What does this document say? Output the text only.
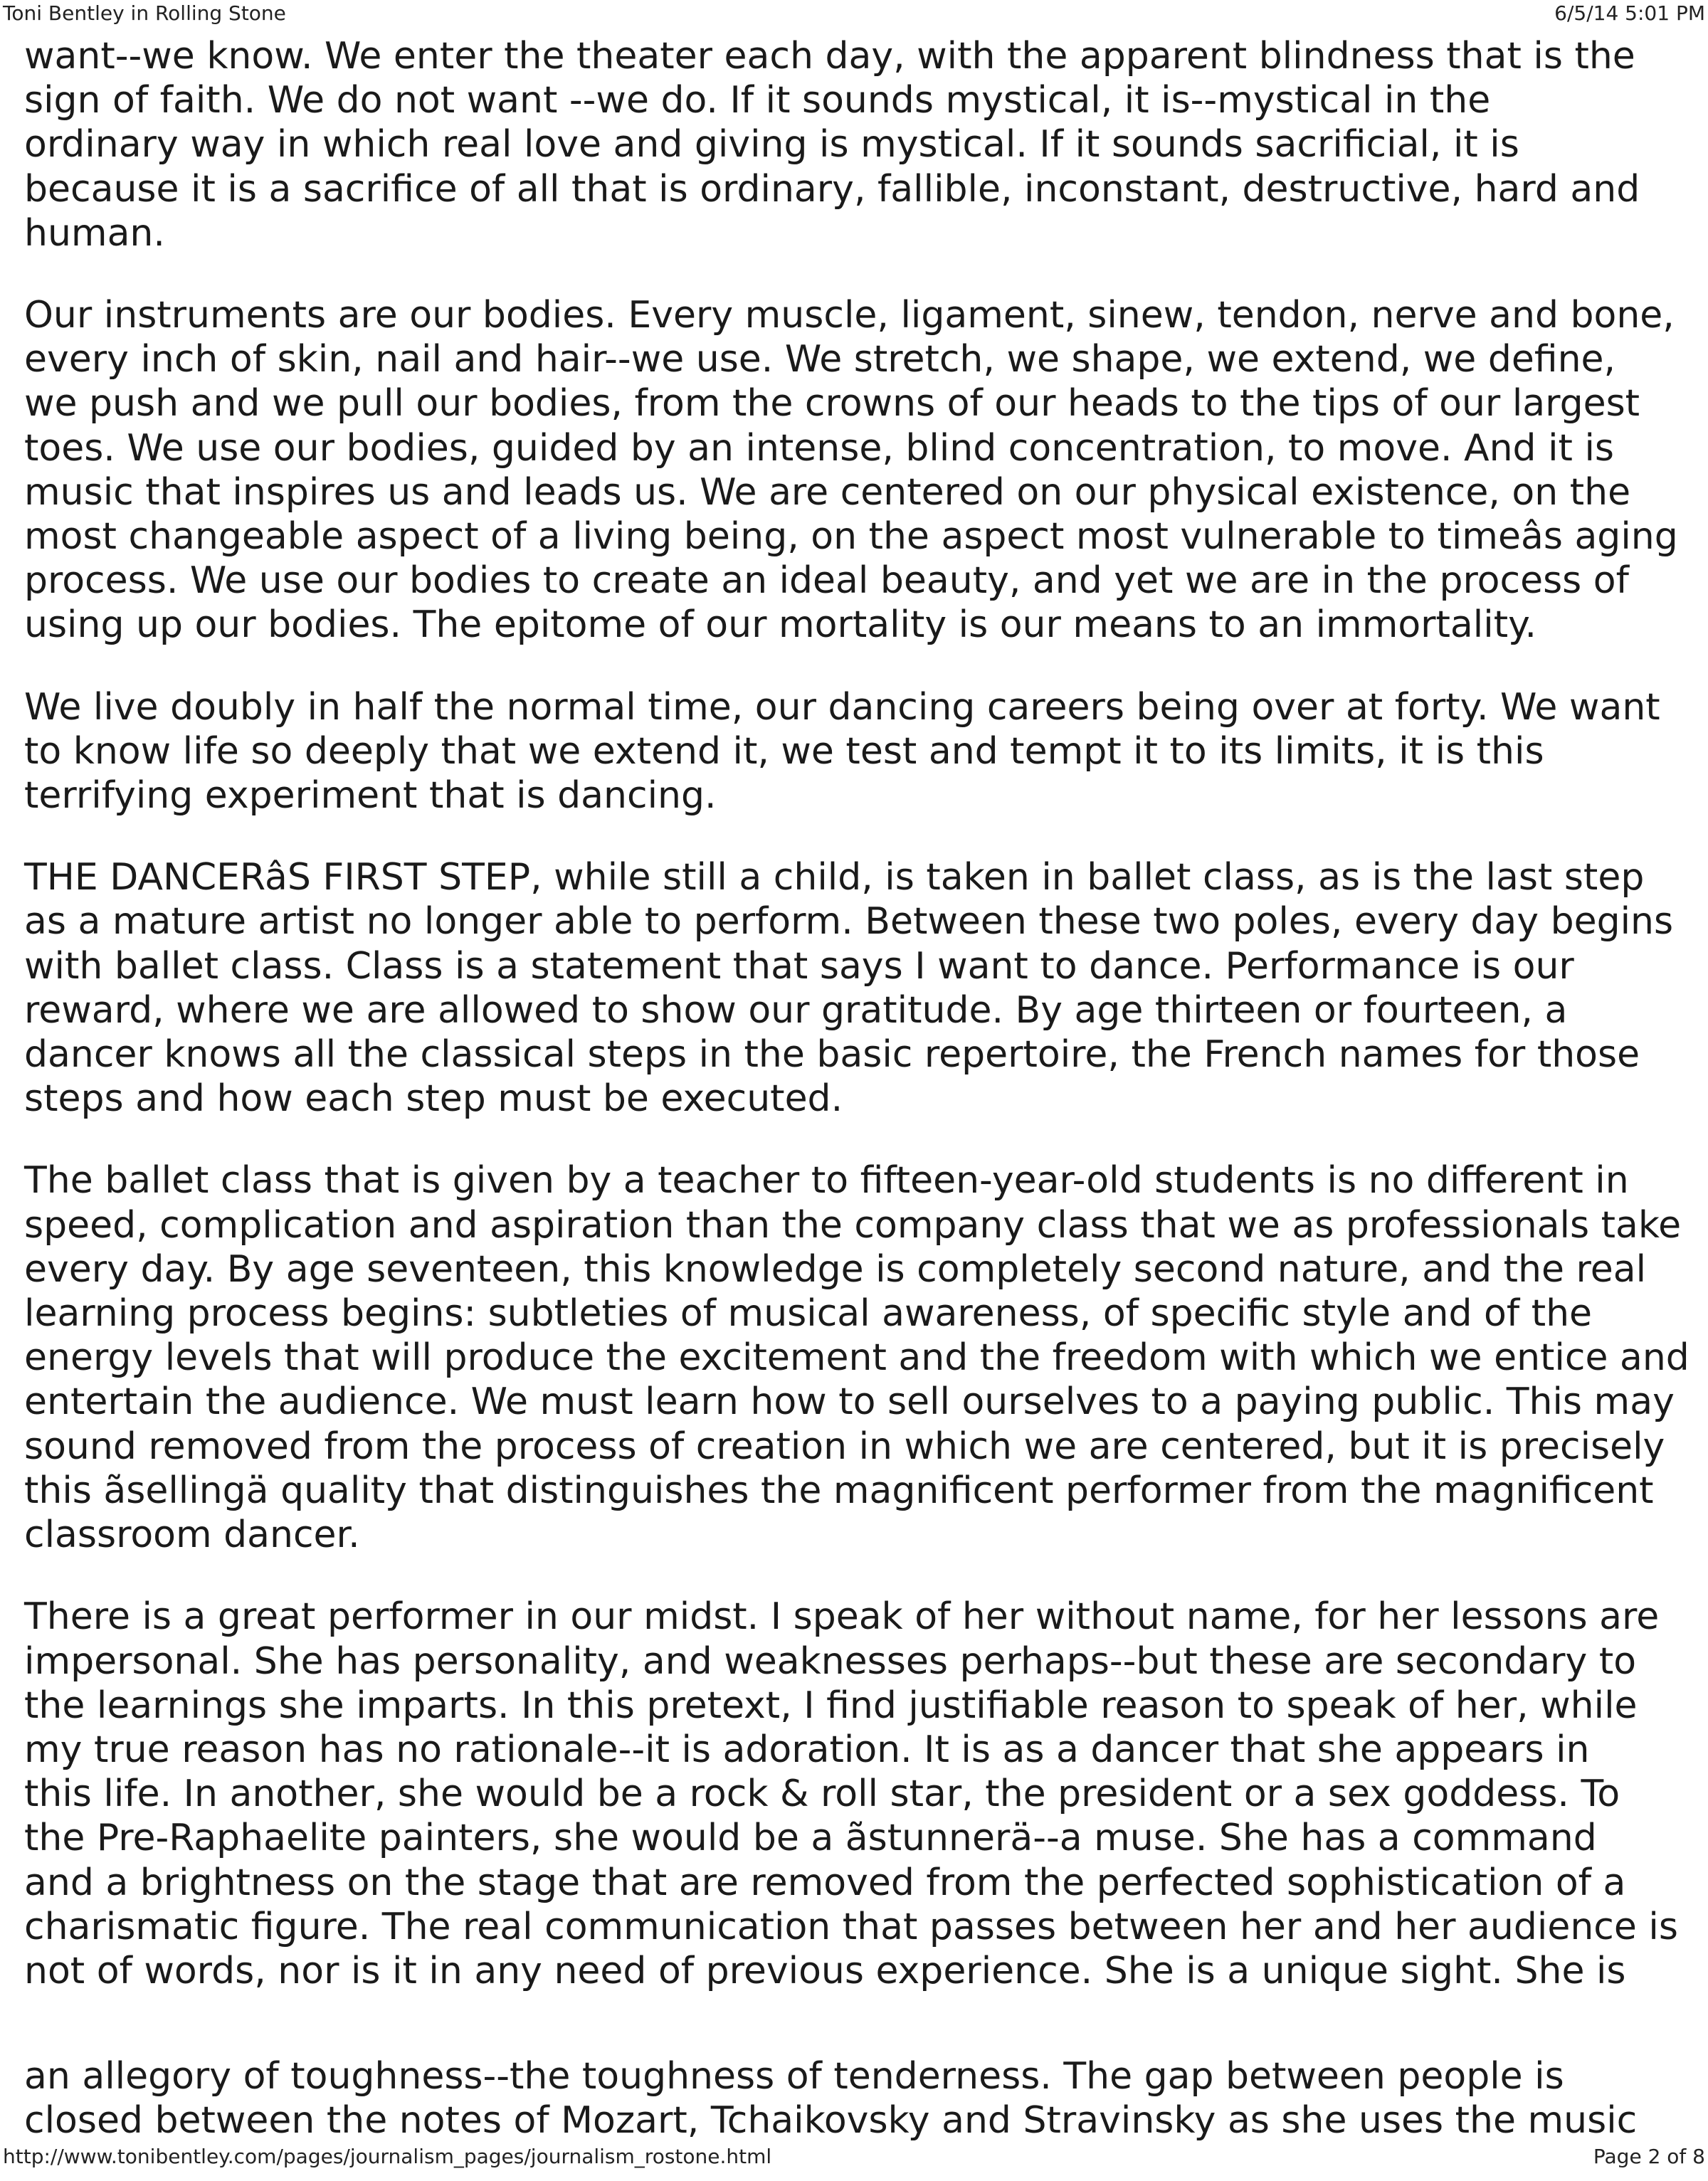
Toni Bentley in Rolling Stone	6/5/14 5:01 PM

want--we know. We enter the theater each day, with the apparent blindness that is the
sign of faith. We do not want --we do. If it sounds mystical, it is--mystical in the
ordinary way in which real love and giving is mystical. If it sounds sacrificial, it is
because it is a sacrifice of all that is ordinary, fallible, inconstant, destructive, hard and
human.

Our instruments are our bodies. Every muscle, ligament, sinew, tendon, nerve and bone,
every inch of skin, nail and hair--we use. We stretch, we shape, we extend, we define,
we push and we pull our bodies, from the crowns of our heads to the tips of our largest
toes. We use our bodies, guided by an intense, blind concentration, to move. And it is
music that inspires us and leads us. We are centered on our physical existence, on the
most changeable aspect of a living being, on the aspect most vulnerable to timeâs aging
process. We use our bodies to create an ideal beauty, and yet we are in the process of
using up our bodies. The epitome of our mortality is our means to an immortality.

We live doubly in half the normal time, our dancing careers being over at forty. We want
to know life so deeply that we extend it, we test and tempt it to its limits, it is this
terrifying experiment that is dancing.

THE DANCERâS FIRST STEP, while still a child, is taken in ballet class, as is the last step
as a mature artist no longer able to perform. Between these two poles, every day begins
with ballet class. Class is a statement that says I want to dance. Performance is our
reward, where we are allowed to show our gratitude. By age thirteen or fourteen, a
dancer knows all the classical steps in the basic repertoire, the French names for those
steps and how each step must be executed.

The ballet class that is given by a teacher to fifteen-year-old students is no different in
speed, complication and aspiration than the company class that we as professionals take
every day. By age seventeen, this knowledge is completely second nature, and the real
learning process begins: subtleties of musical awareness, of specific style and of the
energy levels that will produce the excitement and the freedom with which we entice and
entertain the audience. We must learn how to sell ourselves to a paying public. This may
sound removed from the process of creation in which we are centered, but it is precisely
this ãsellingä quality that distinguishes the magnificent performer from the magnificent
classroom dancer.

There is a great performer in our midst. I speak of her without name, for her lessons are
impersonal. She has personality, and weaknesses perhaps--but these are secondary to
the learnings she imparts. In this pretext, I find justifiable reason to speak of her, while
my true reason has no rationale--it is adoration. It is as a dancer that she appears in
this life. In another, she would be a rock & roll star, the president or a sex goddess. To
the Pre-Raphaelite painters, she would be a ãstunnerä--a muse. She has a command
and a brightness on the stage that are removed from the perfected sophistication of a
charismatic figure. The real communication that passes between her and her audience is
not of words, nor is it in any need of previous experience. She is a unique sight. She is

an allegory of toughness--the toughness of tenderness. The gap between people is
closed between the notes of Mozart, Tchaikovsky and Stravinsky as she uses the music

http://www.tonibentley.com/pages/journalism_pages/journalism_rostone.html	Page 2 of 8
